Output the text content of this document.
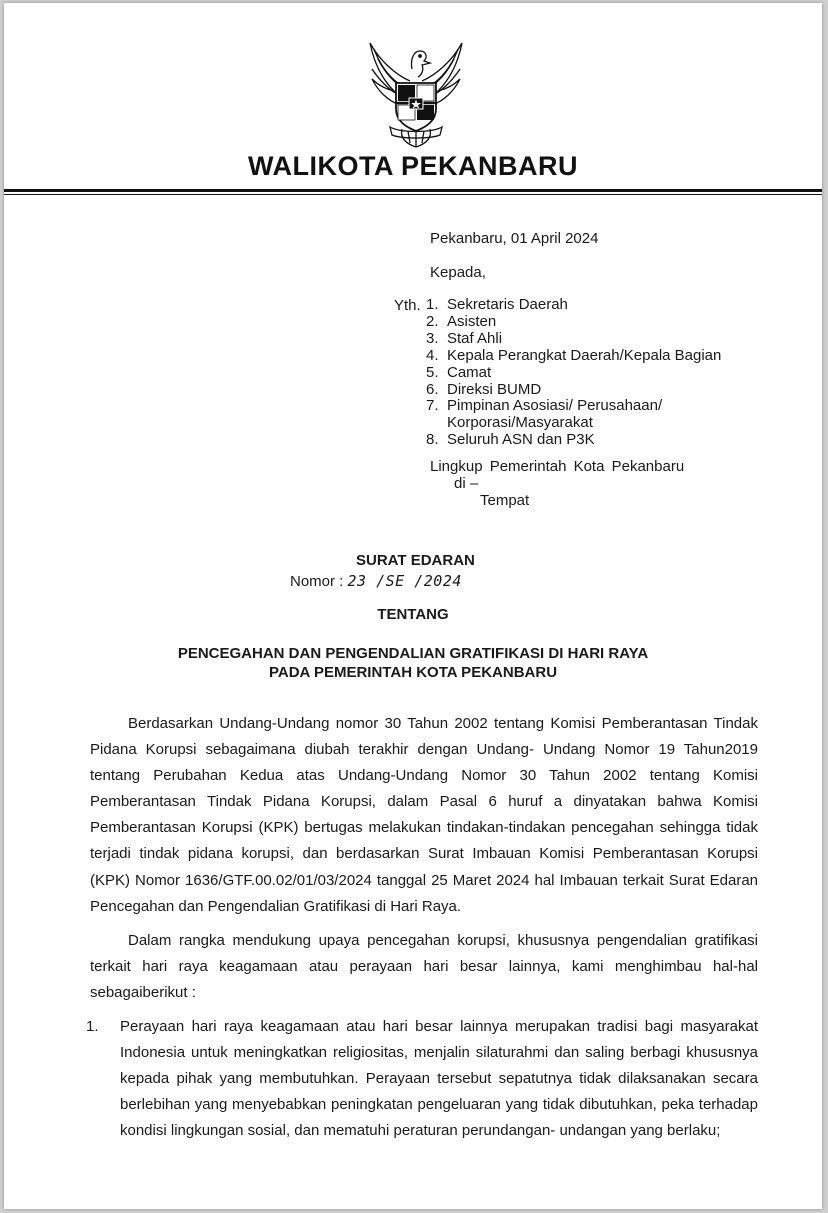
WALIKOTA PEKANBARU
Pekanbaru, 01 April 2024
Kepada,
Yth. 1. Sekretaris Daerah
2. Asisten
3. Staf Ahli
4. Kepala Perangkat Daerah/Kepala Bagian
5. Camat
6. Direksi BUMD
7. Pimpinan Asosiasi/ Perusahaan/
Korporasi/Masyarakat
8. Seluruh ASN dan P3K
Lingkup Pemerintah Kota Pekanbaru
di –
Tempat
SURAT EDARAN
Nomor : 23 /SE /2024
TENTANG
PENCEGAHAN DAN PENGENDALIAN GRATIFIKASI DI HARI RAYA
PADA PEMERINTAH KOTA PEKANBARU

Berdasarkan Undang-Undang nomor 30 Tahun 2002 tentang Komisi Pemberantasan Tindak Pidana Korupsi sebagaimana diubah terakhir dengan Undang- Undang Nomor 19 Tahun2019 tentang Perubahan Kedua atas Undang-Undang Nomor 30 Tahun 2002 tentang Komisi Pemberantasan Tindak Pidana Korupsi, dalam Pasal 6 huruf a dinyatakan bahwa Komisi Pemberantasan Korupsi (KPK) bertugas melakukan tindakan-tindakan pencegahan sehingga tidak terjadi tindak pidana korupsi, dan berdasarkan Surat Imbauan Komisi Pemberantasan Korupsi (KPK) Nomor 1636/GTF.00.02/01/03/2024 tanggal 25 Maret 2024 hal Imbauan terkait Surat Edaran Pencegahan dan Pengendalian Gratifikasi di Hari Raya.

Dalam rangka mendukung upaya pencegahan korupsi, khususnya pengendalian gratifikasi terkait hari raya keagamaan atau perayaan hari besar lainnya, kami menghimbau hal-hal sebagaiberikut :

1. Perayaan hari raya keagamaan atau hari besar lainnya merupakan tradisi bagi masyarakat Indonesia untuk meningkatkan religiositas, menjalin silaturahmi dan saling berbagi khususnya kepada pihak yang membutuhkan. Perayaan tersebut sepatutnya tidak dilaksanakan secara berlebihan yang menyebabkan peningkatan pengeluaran yang tidak dibutuhkan, peka terhadap kondisi lingkungan sosial, dan mematuhi peraturan perundangan- undangan yang berlaku;
